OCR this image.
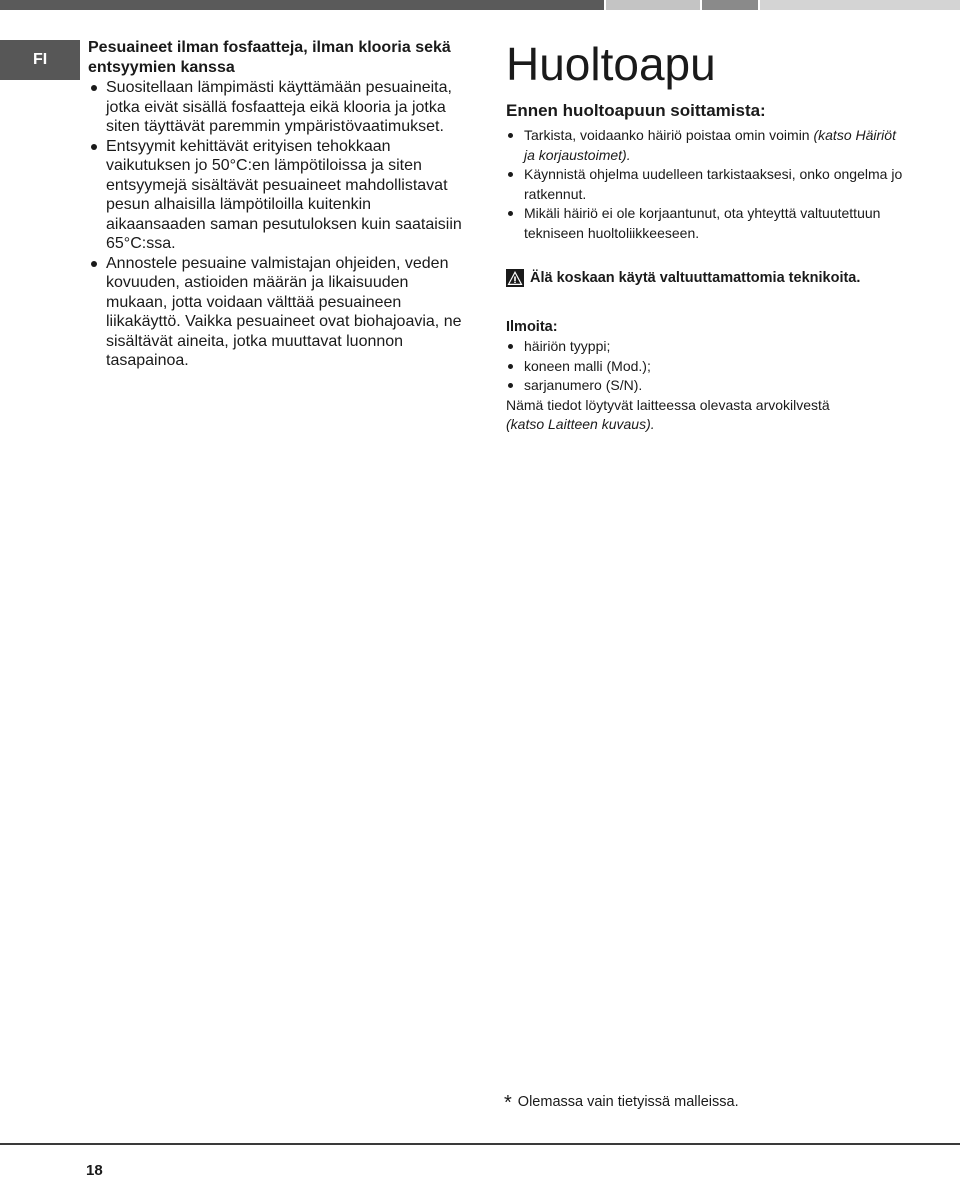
FI

Pesuaineet ilman fosfaatteja, ilman klooria sekä entsyymien kanssa

Suositellaan lämpimästi käyttämään pesuaineita, jotka eivät sisällä fosfaatteja eikä klooria ja jotka siten täyttävät paremmin ympäristövaatimukset.
Entsyymit kehittävät erityisen tehokkaan vaikutuksen jo 50°C:en lämpötiloissa ja siten entsyymejä sisältävät pesuaineet mahdollistavat pesun alhaisilla lämpötiloilla kuitenkin aikaansaaden saman pesutuloksen kuin saataisiin 65°C:ssa.
Annostele pesuaine valmistajan ohjeiden, veden kovuuden, astioiden määrän ja likaisuuden mukaan, jotta voidaan välttää pesuaineen liikakäyttö. Vaikka pesuaineet ovat biohajoavia, ne sisältävät aineita, jotka muuttavat luonnon tasapainoa.
Huoltoapu

Ennen huoltoapuun soittamista:

Tarkista, voidaanko häiriö poistaa omin voimin (katso Häiriöt ja korjaustoimet).
Käynnistä ohjelma uudelleen tarkistaaksesi, onko ongelma jo ratkennut.
Mikäli häiriö ei ole korjaantunut, ota yhteyttä valtuutettuun tekniseen huoltoliikkeeseen.
Älä koskaan käytä valtuuttamattomia teknikoita.
Ilmoita:
häiriön tyyppi;
koneen malli (Mod.);
sarjanumero (S/N).

Nämä tiedot löytyvät laitteessa olevasta arvokilvestä

(katso Laitteen kuvaus).

* Olemassa vain tietyissä malleissa.
18
